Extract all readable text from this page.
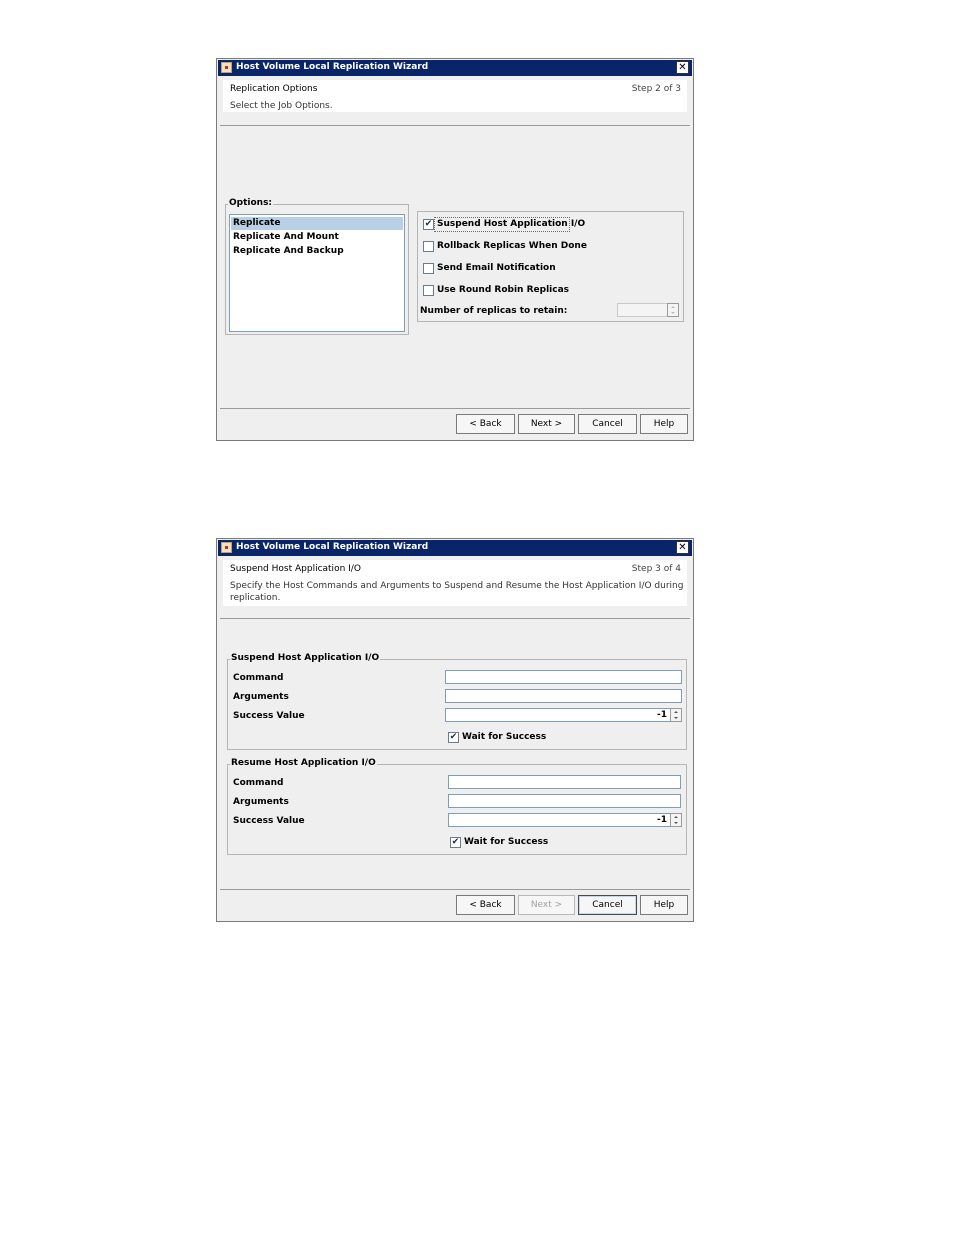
Host Volume Local Replication Wizard	✕
Replication Options	Step 2 of 3
Select the Job Options.
Options:
Replicate
Replicate And Mount
Replicate And Backup
✔ Suspend Host Application I/O
Rollback Replicas When Done
Send Email Notification
Use Round Robin Replicas
Number of replicas to retain:
< Back	Next >	Cancel	Help
Host Volume Local Replication Wizard	✕
Suspend Host Application I/O	Step 3 of 4
Specify the Host Commands and Arguments to Suspend and Resume the Host Application I/O during replication.
Suspend Host Application I/O
Command
Arguments
Success Value	-1
✔ Wait for Success
Resume Host Application I/O
Command
Arguments
Success Value	-1
✔ Wait for Success
< Back	Next >	Cancel	Help
